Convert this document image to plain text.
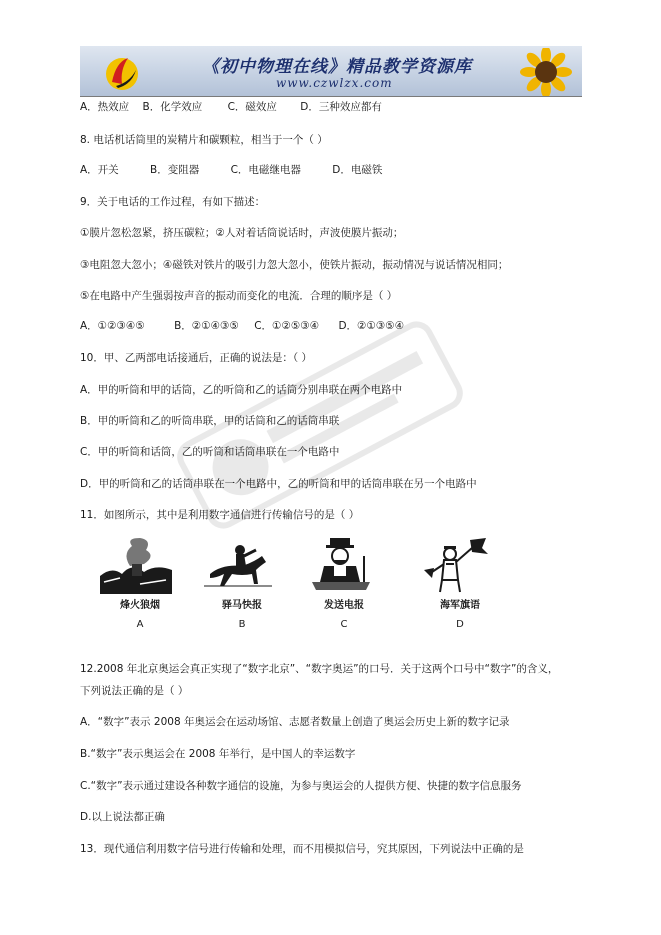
《初中物理在线》精品教学资源库
www.czwlzx.com
A．热效应 B．化学效应 C．磁效应 D．三种效应都有
8. 电话机话筒里的炭精片和碳颗粒，相当于一个（ ）
A．开关	B．变阻器	C．电磁继电器	D．电磁铁
9．关于电话的工作过程，有如下描述：
①膜片忽松忽紧，挤压碳粒；②人对着话筒说话时，声波使膜片振动；
③电阻忽大忽小；④磁铁对铁片的吸引力忽大忽小，使铁片振动，振动情况与说话情况相同；
⑤在电路中产生强弱按声音的振动而变化的电流．合理的顺序是（ ）
A．①②③④⑤	B．②①④③⑤ C．①②⑤③④ D．②①③⑤④
10．甲、乙两部电话接通后，正确的说法是：（ ）
A．甲的听筒和甲的话筒，乙的听筒和乙的话筒分别串联在两个电路中
B．甲的听筒和乙的听筒串联，甲的话筒和乙的话筒串联
C．甲的听筒和话筒，乙的听筒和话筒串联在一个电路中
D．甲的听筒和乙的话筒串联在一个电路中，乙的听筒和甲的话筒串联在另一个电路中
11．如图所示，其中是利用数字通信进行传输信号的是（ ）
烽火狼烟
A
驿马快报
B
发送电报
C
海军旗语
D
12.2008 年北京奥运会真正实现了“数字北京”、“数字奥运”的口号．关于这两个口号中“数字”的含义，
下列说法正确的是（ ）
A．“数字”表示 2008 年奥运会在运动场馆、志愿者数量上创造了奥运会历史上新的数字记录
B.“数字”表示奥运会在 2008 年举行，是中国人的幸运数字
C.“数字”表示通过建设各种数字通信的设施，为参与奥运会的人提供方便、快捷的数字信息服务
D.以上说法都正确
13．现代通信利用数字信号进行传输和处理，而不用模拟信号，究其原因，下列说法中正确的是
